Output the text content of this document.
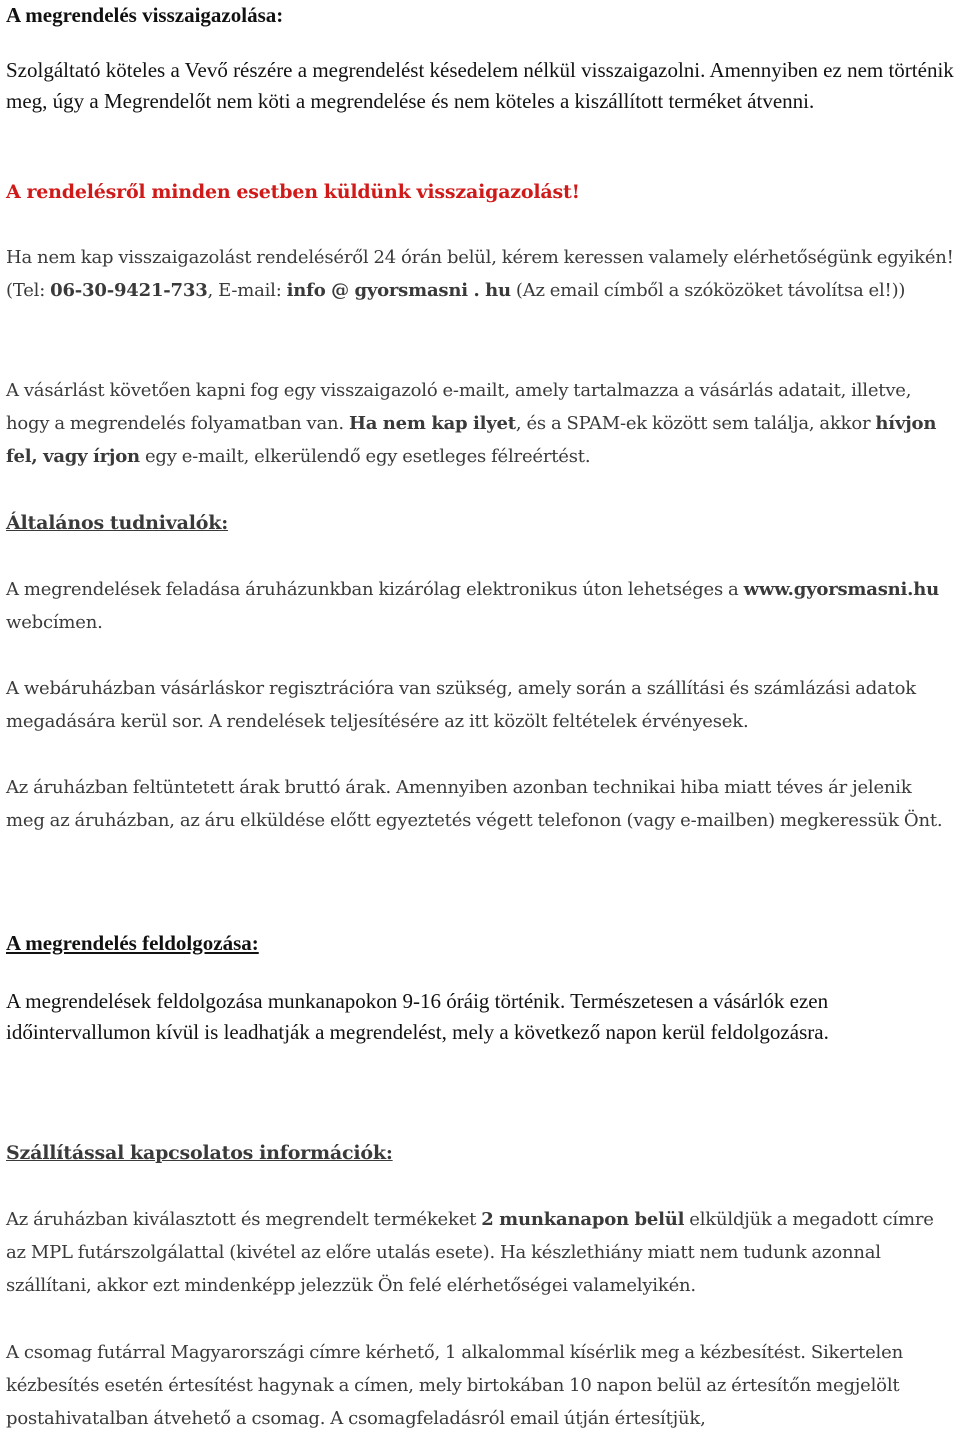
A megrendelés visszaigazolása:

Szolgáltató köteles a Vevő részére a megrendelést késedelem nélkül visszaigazolni. Amennyiben ez nem történik meg, úgy a Megrendelőt nem köti a megrendelése és nem köteles a kiszállított terméket átvenni.

A rendelésről minden esetben küldünk visszaigazolást!

Ha nem kap visszaigazolást rendeléséről 24 órán belül, kérem keressen valamely elérhetőségünk egyikén! (Tel: 06-30-9421-733, E-mail: info @ gyorsmasni . hu (Az email címből a szóközöket távolítsa el!))

A vásárlást követően kapni fog egy visszaigazoló e-mailt, amely tartalmazza a vásárlás adatait, illetve, hogy a megrendelés folyamatban van. Ha nem kap ilyet, és a SPAM-ek között sem találja, akkor hívjon fel, vagy írjon egy e-mailt, elkerülendő egy esetleges félreértést.

Általános tudnivalók:

A megrendelések feladása áruházunkban kizárólag elektronikus úton lehetséges a www.gyorsmasni.hu webcímen.

A webáruházban vásárláskor regisztrációra van szükség, amely során a szállítási és számlázási adatok megadására kerül sor. A rendelések teljesítésére az itt közölt feltételek érvényesek.

Az áruházban feltüntetett árak bruttó árak. Amennyiben azonban technikai hiba miatt téves ár jelenik meg az áruházban, az áru elküldése előtt egyeztetés végett telefonon (vagy e-mailben) megkeressük Önt.

A megrendelés feldolgozása:

A megrendelések feldolgozása munkanapokon 9-16 óráig történik. Természetesen a vásárlók ezen időintervallumon kívül is leadhatják a megrendelést, mely a következő napon kerül feldolgozásra.

Szállítással kapcsolatos információk:

Az áruházban kiválasztott és megrendelt termékeket 2 munkanapon belül elküldjük a megadott címre az MPL futárszolgálattal (kivétel az előre utalás esete). Ha készlethiány miatt nem tudunk azonnal szállítani, akkor ezt mindenképp jelezzük Ön felé elérhetőségei valamelyikén.

A csomag futárral Magyarországi címre kérhető, 1 alkalommal kísérlik meg a kézbesítést. Sikertelen kézbesítés esetén értesítést hagynak a címen, mely birtokában 10 napon belül az értesítőn megjelölt postahivatalban átvehető a csomag. A csomagfeladásról email útján értesítjük,
